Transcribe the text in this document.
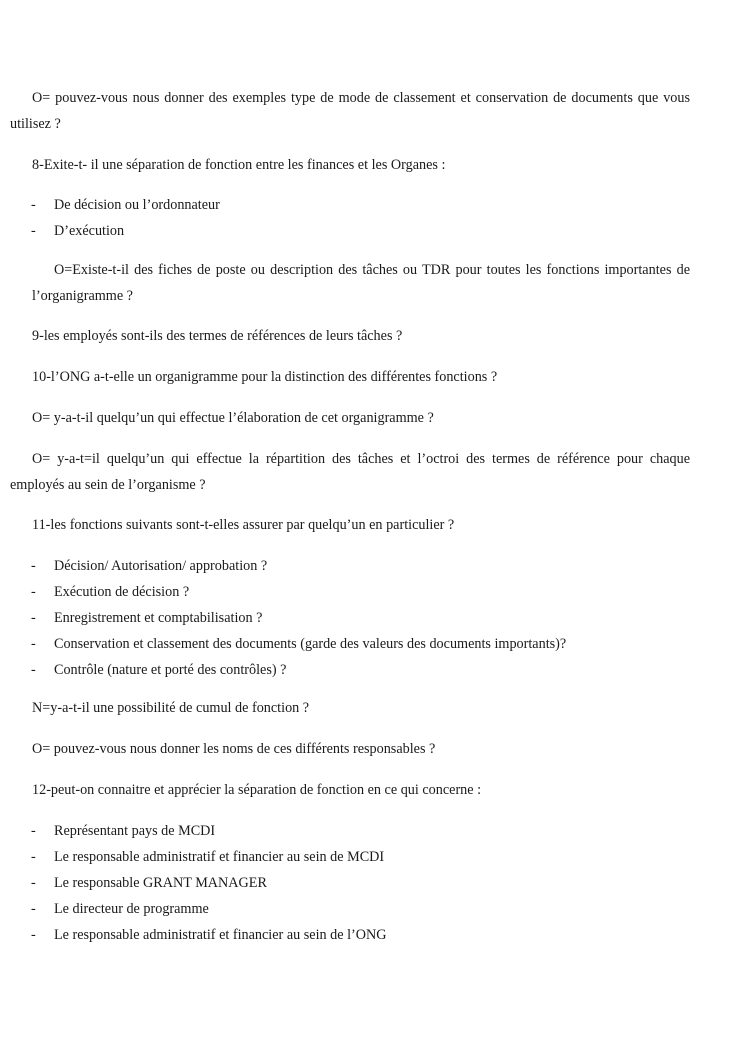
O= pouvez-vous nous donner des exemples type de mode de classement et conservation de documents que vous utilisez ?

8-Exite-t- il une séparation de fonction entre les finances et les Organes :

- De décision ou l’ordonnateur
- D’exécution

O=Existe-t-il des fiches de poste ou description des tâches ou TDR pour toutes les fonctions importantes de l’organigramme ?

9-les employés sont-ils des termes de références de leurs tâches ?

10-l’ONG a-t-elle un organigramme pour la distinction des différentes fonctions ?

O= y-a-t-il quelqu’un qui effectue l’élaboration de cet organigramme ?

O= y-a-t=il quelqu’un qui effectue la répartition des tâches et l’octroi des termes de référence pour chaque employés au sein de l’organisme ?

11-les fonctions suivants sont-t-elles assurer par quelqu’un en particulier ?

- Décision/ Autorisation/ approbation ?
- Exécution de décision ?
- Enregistrement et comptabilisation ?
- Conservation et classement des documents (garde des valeurs des documents importants)?
- Contrôle (nature et porté des contrôles) ?

N=y-a-t-il une possibilité de cumul de fonction ?

O= pouvez-vous nous donner les noms de ces différents responsables ?

12-peut-on connaitre et apprécier la séparation de fonction en ce qui concerne :

- Représentant pays de MCDI
- Le responsable administratif et financier au sein de MCDI
- Le responsable GRANT MANAGER
- Le directeur de programme
- Le responsable administratif et financier au sein de l’ONG
